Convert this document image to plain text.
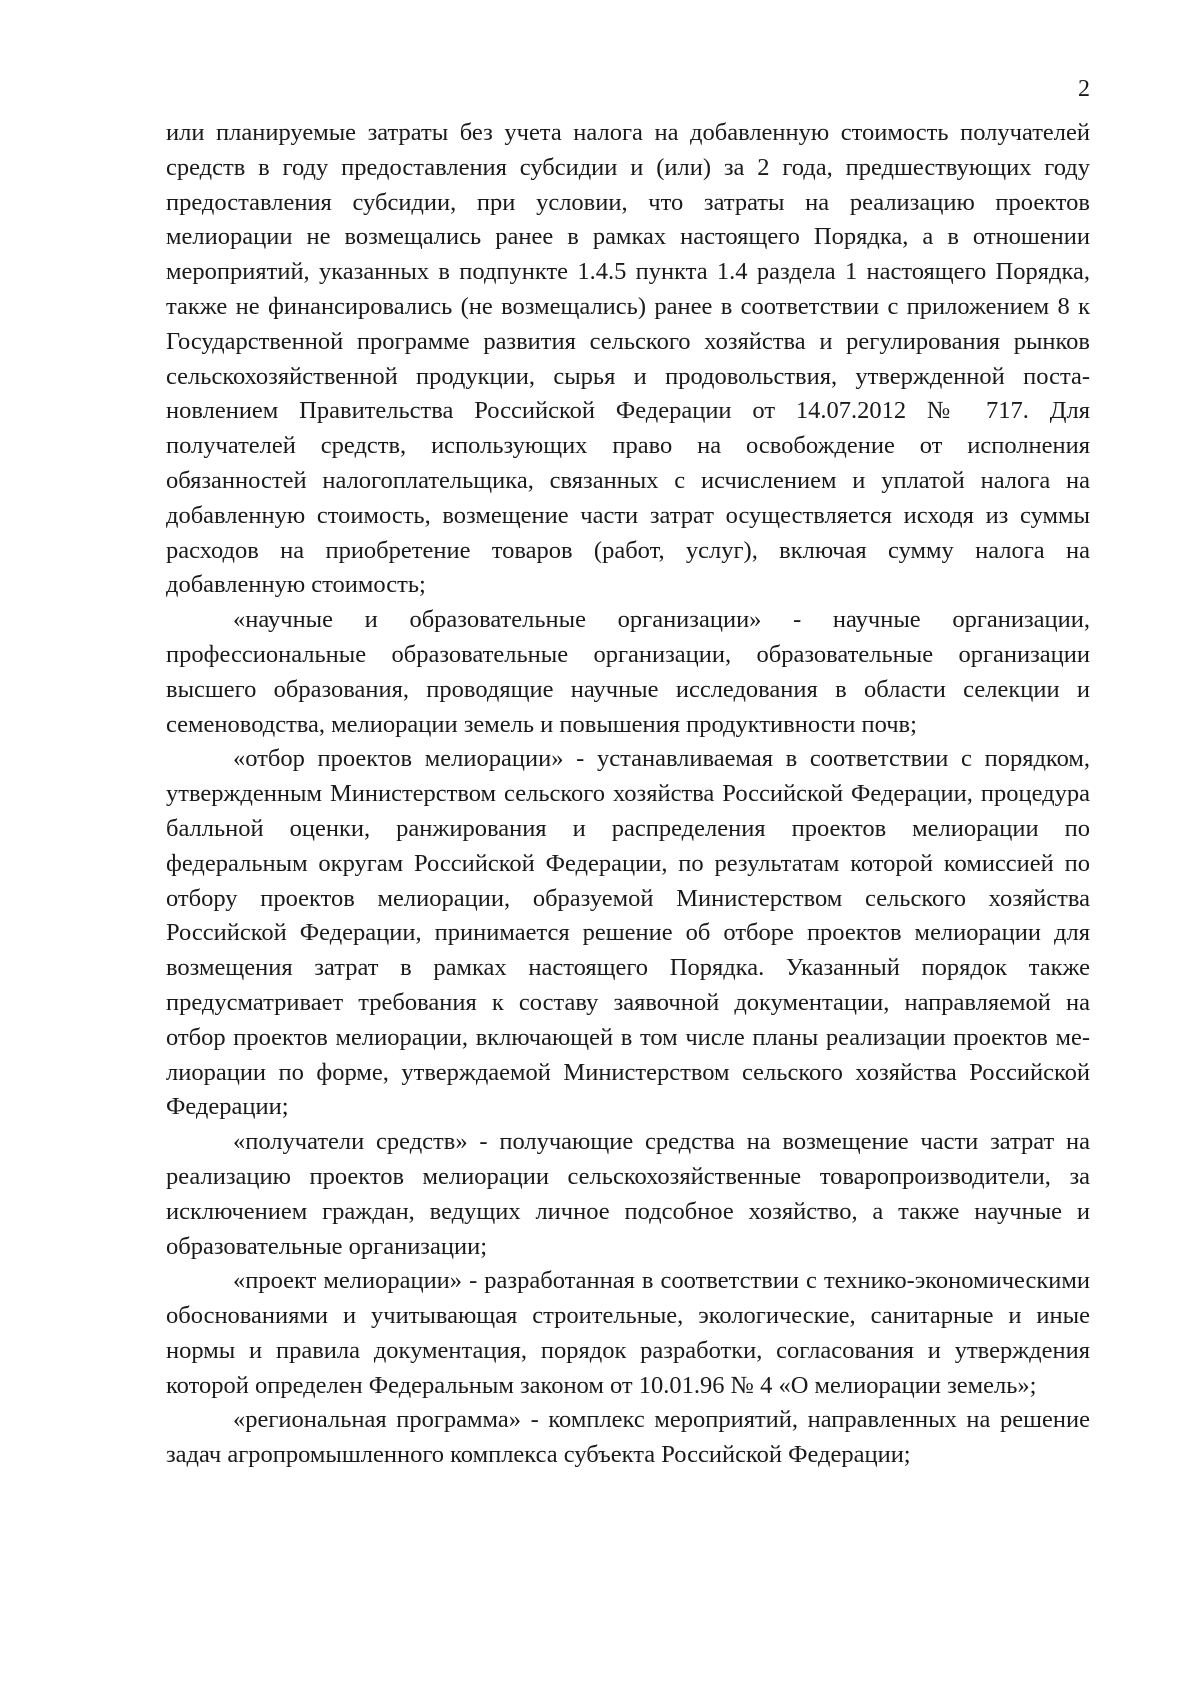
2

или планируемые затраты без учета налога на добавленную стоимость получателей средств в году предоставления субсидии и (или) за 2 года, предшествующих году предоставления субсидии, при условии, что затраты на реализацию проектов мелиорации не возмещались ранее в рамках настоящего Порядка, а в отношении мероприятий, указанных в подпункте 1.4.5 пункта 1.4 раздела 1 настоящего Порядка, также не финансировались (не возмещались) ранее в соответствии с приложением 8 к Государственной программе развития сельского хозяйства и регулирования рынков сельскохозяйственной продукции, сырья и продовольствия, утвержденной постановлением Правительства Российской Федерации от 14.07.2012 № 717. Для получателей средств, использующих право на освобождение от исполнения обязанностей налогоплательщика, связанных с исчислением и уплатой налога на добавленную стоимость, возмещение части затрат осуществляется исходя из суммы расходов на приобретение товаров (работ, услуг), включая сумму налога на добавленную стоимость;

«научные и образовательные организации» - научные организации, профессиональные образовательные организации, образовательные организации высшего образования, проводящие научные исследования в области селекции и семеноводства, мелиорации земель и повышения продуктивности почв;

«отбор проектов мелиорации» - устанавливаемая в соответствии с порядком, утвержденным Министерством сельского хозяйства Российской Федерации, процедура балльной оценки, ранжирования и распределения проектов мелиорации по федеральным округам Российской Федерации, по результатам которой комиссией по отбору проектов мелиорации, образуемой Министерством сельского хозяйства Российской Федерации, принимается решение об отборе проектов мелиорации для возмещения затрат в рамках настоящего Порядка. Указанный порядок также предусматривает требования к составу заявочной документации, направляемой на отбор проектов мелиорации, включающей в том числе планы реализации проектов мелиорации по форме, утверждаемой Министерством сельского хозяйства Российской Федерации;

«получатели средств» - получающие средства на возмещение части затрат на реализацию проектов мелиорации сельскохозяйственные товаропроизводители, за исключением граждан, ведущих личное подсобное хозяйство, а также научные и образовательные организации;

«проект мелиорации» - разработанная в соответствии с технико-экономическими обоснованиями и учитывающая строительные, экологические, санитарные и иные нормы и правила документация, порядок разработки, согласования и утверждения которой определен Федеральным законом от 10.01.96 № 4 «О мелиорации земель»;

«региональная программа» - комплекс мероприятий, направленных на решение задач агропромышленного комплекса субъекта Российской Федерации;
